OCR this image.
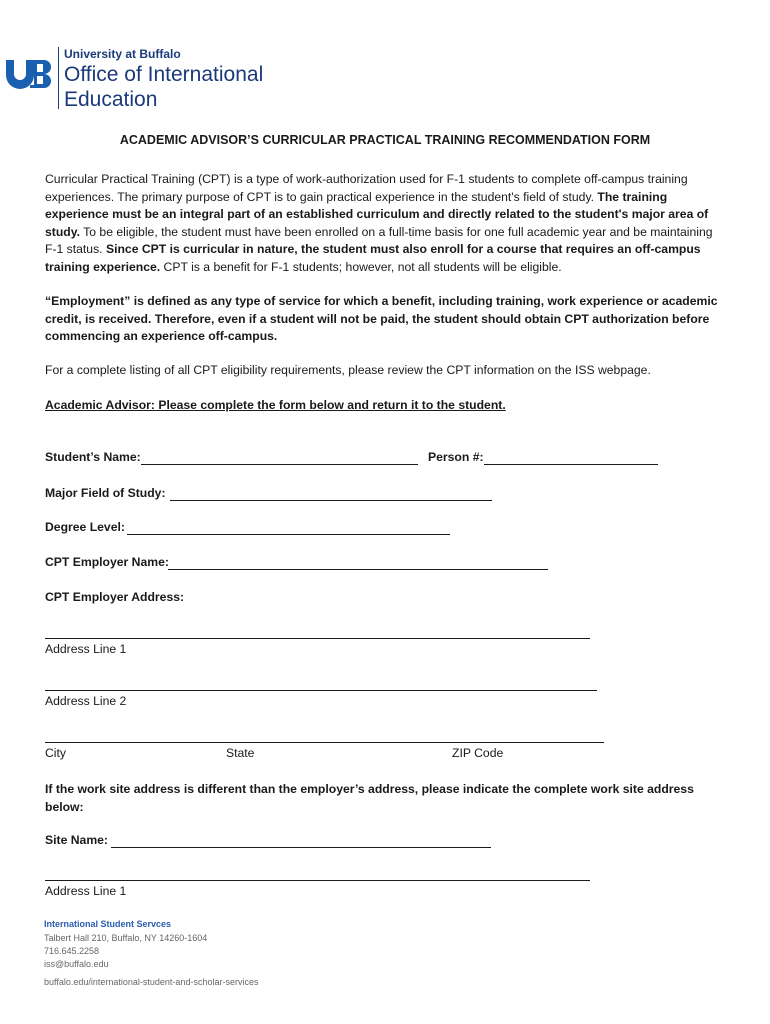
University at Buffalo
Office of International
Education
ACADEMIC ADVISOR’S CURRICULAR PRACTICAL TRAINING RECOMMENDATION FORM
Curricular Practical Training (CPT) is a type of work-authorization used for F-1 students to complete off-campus training experiences. The primary purpose of CPT is to gain practical experience in the student's field of study. The training experience must be an integral part of an established curriculum and directly related to the student's major area of study. To be eligible, the student must have been enrolled on a full-time basis for one full academic year and be maintaining F-1 status. Since CPT is curricular in nature, the student must also enroll for a course that requires an off-campus training experience. CPT is a benefit for F-1 students; however, not all students will be eligible.
“Employment” is defined as any type of service for which a benefit, including training, work experience or academic credit, is received. Therefore, even if a student will not be paid, the student should obtain CPT authorization before commencing an experience off-campus.
For a complete listing of all CPT eligibility requirements, please review the CPT information on the ISS webpage.
Academic Advisor: Please complete the form below and return it to the student.
Student’s Name:	Person #:
Major Field of Study:
Degree Level:
CPT Employer Name:
CPT Employer Address:
Address Line 1
Address Line 2
City	State	ZIP Code
If the work site address is different than the employer’s address, please indicate the complete work site address below:
Site Name:
Address Line 1
International Student Servces
Talbert Hall 210, Buffalo, NY 14260-1604
716.645.2258
iss@buffalo.edu
buffalo.edu/international-student-and-scholar-services
